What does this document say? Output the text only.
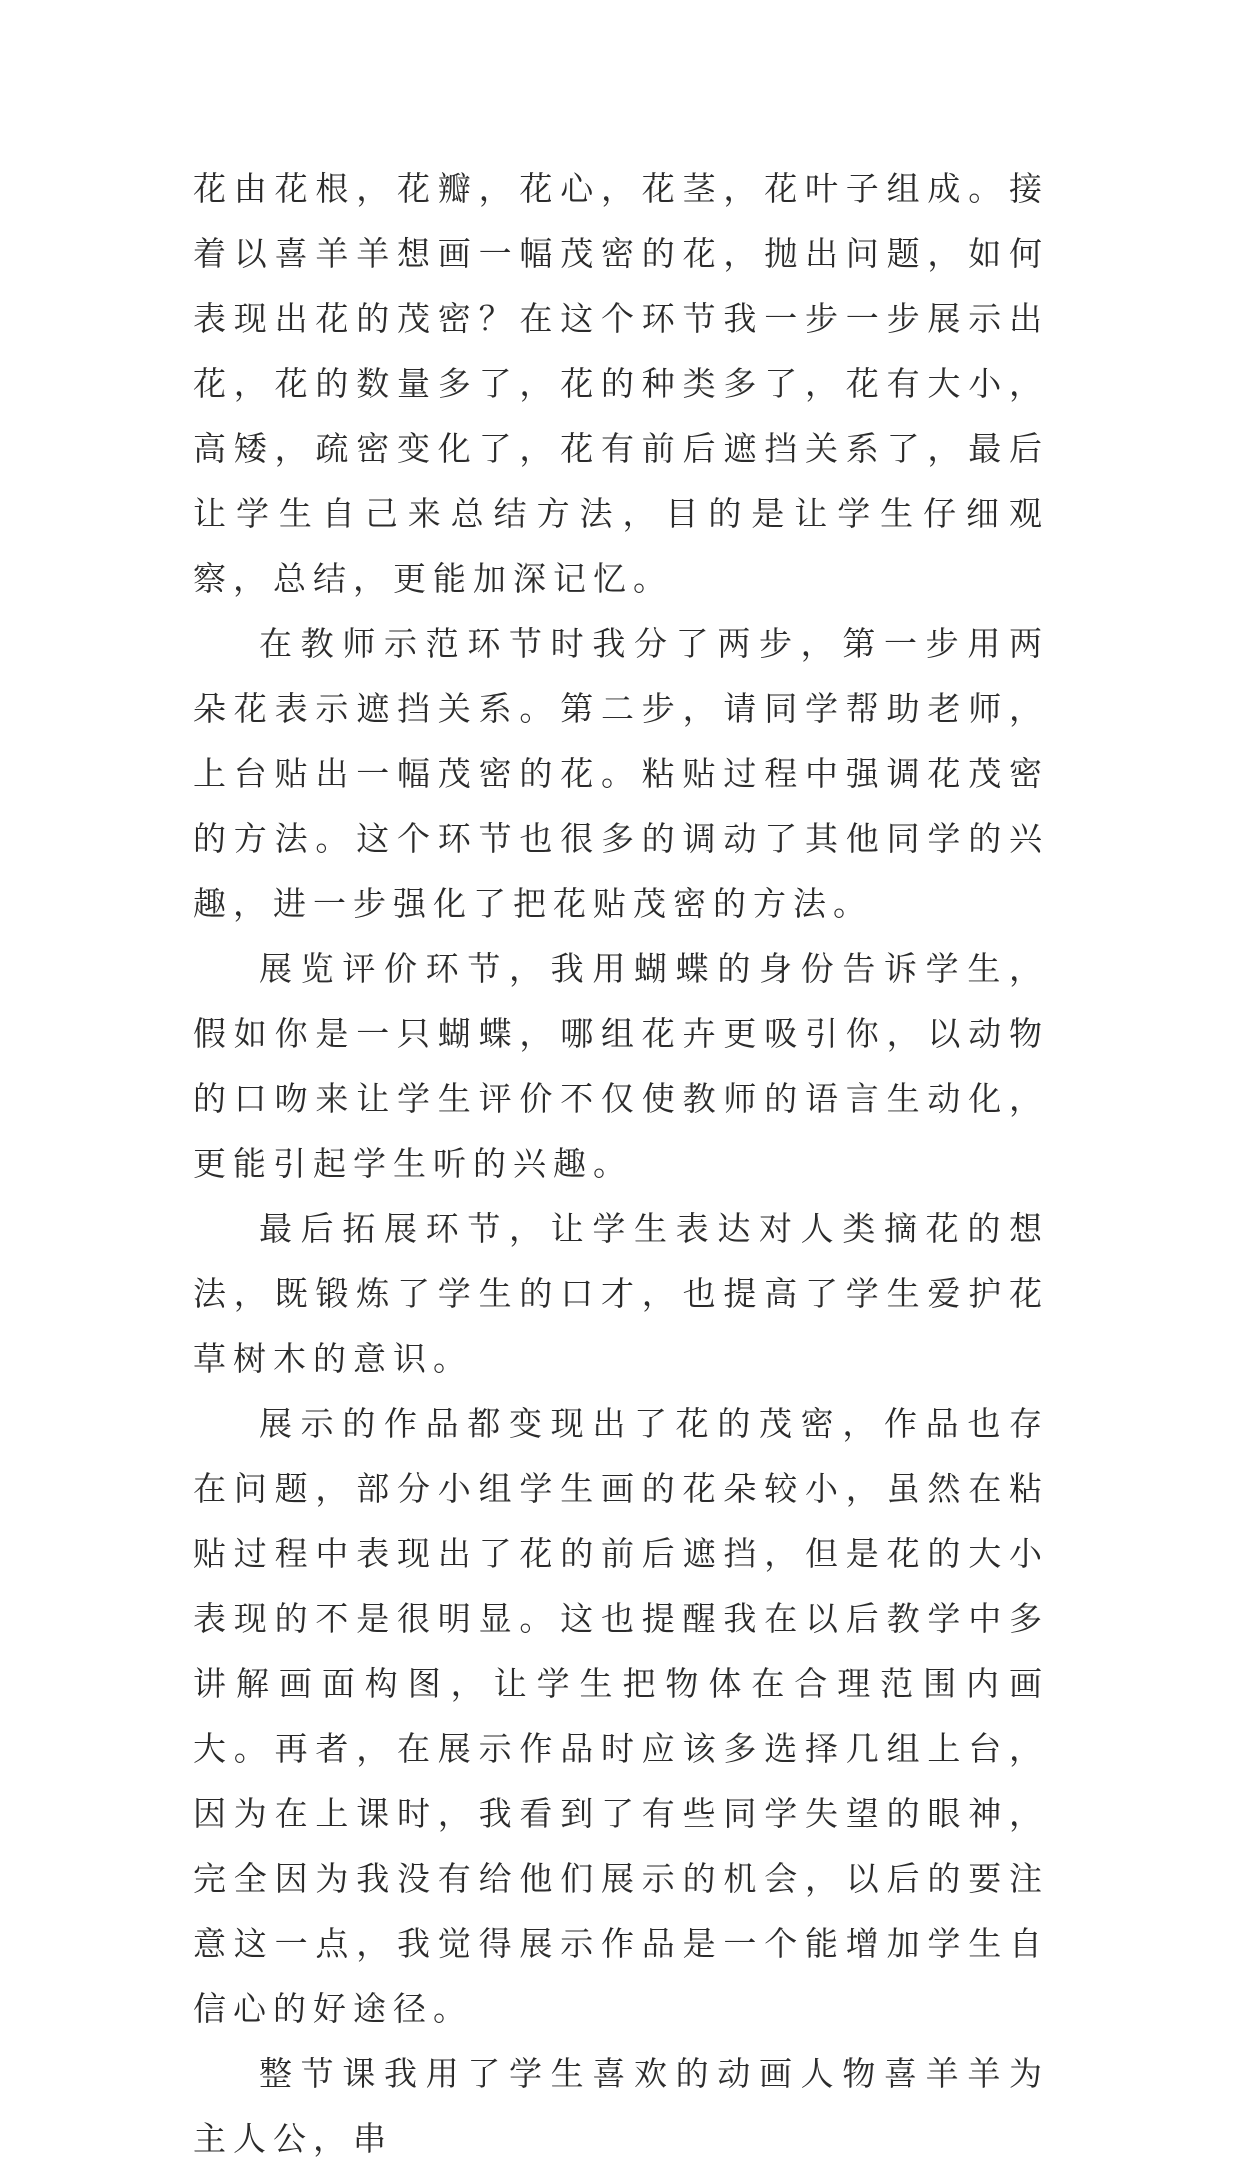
花由花根，花瓣，花心，花茎，花叶子组成。接着以喜羊羊想画一幅茂密的花，抛出问题，如何表现出花的茂密？在这个环节我一步一步展示出花，花的数量多了，花的种类多了，花有大小，高矮，疏密变化了，花有前后遮挡关系了，最后让学生自己来总结方法，目的是让学生仔细观察，总结，更能加深记忆。

在教师示范环节时我分了两步，第一步用两朵花表示遮挡关系。第二步，请同学帮助老师，上台贴出一幅茂密的花。粘贴过程中强调花茂密的方法。这个环节也很多的调动了其他同学的兴趣，进一步强化了把花贴茂密的方法。

展览评价环节，我用蝴蝶的身份告诉学生，假如你是一只蝴蝶，哪组花卉更吸引你，以动物的口吻来让学生评价不仅使教师的语言生动化，更能引起学生听的兴趣。

最后拓展环节，让学生表达对人类摘花的想法，既锻炼了学生的口才，也提高了学生爱护花草树木的意识。

展示的作品都变现出了花的茂密，作品也存在问题，部分小组学生画的花朵较小，虽然在粘贴过程中表现出了花的前后遮挡，但是花的大小表现的不是很明显。这也提醒我在以后教学中多讲解画面构图，让学生把物体在合理范围内画大。再者，在展示作品时应该多选择几组上台，因为在上课时，我看到了有些同学失望的眼神，完全因为我没有给他们展示的机会，以后的要注意这一点，我觉得展示作品是一个能增加学生自信心的好途径。

整节课我用了学生喜欢的动画人物喜羊羊为主人公，串
